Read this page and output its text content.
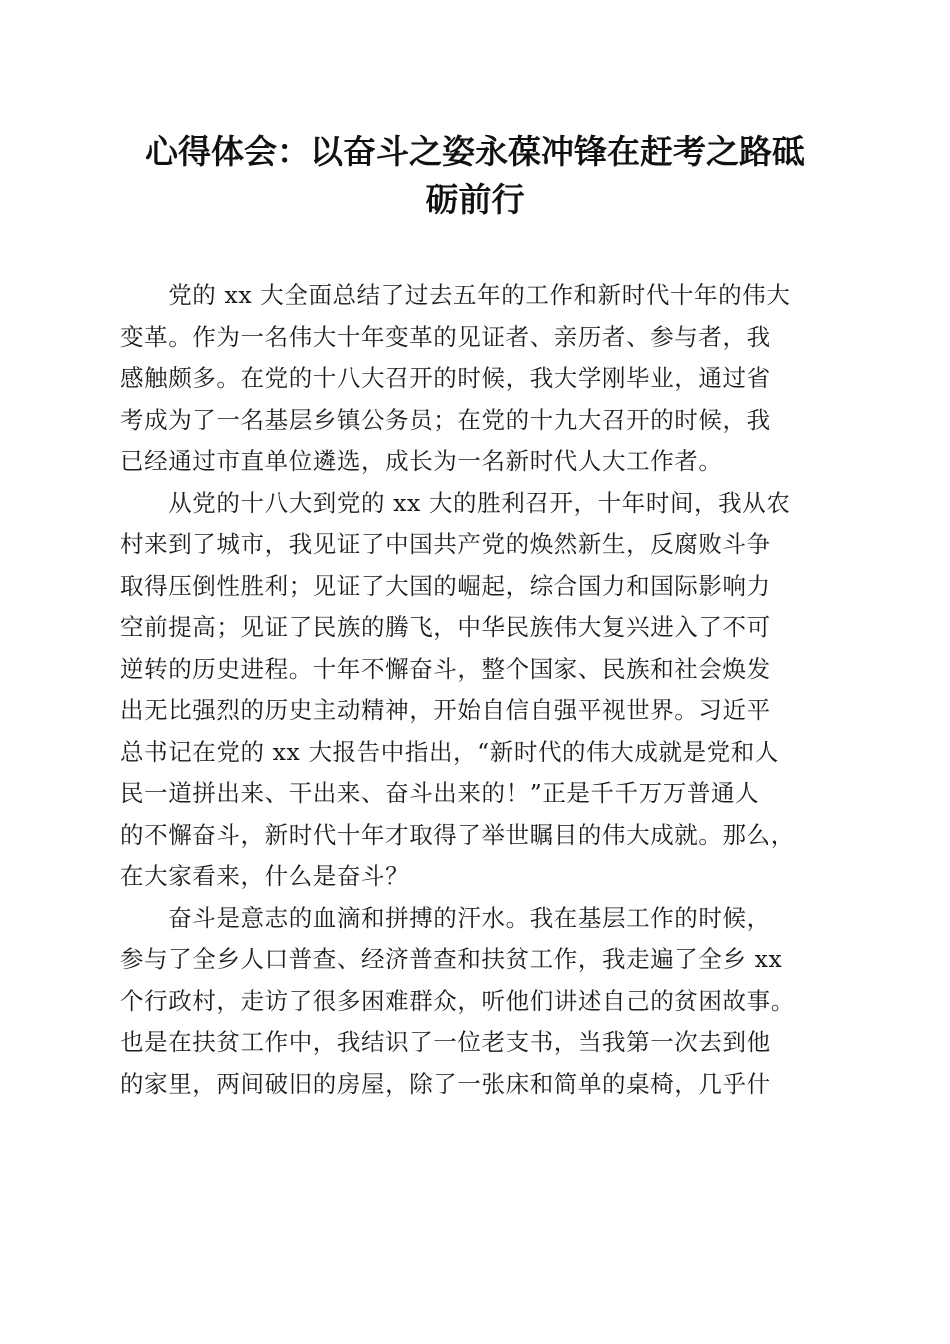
心得体会：以奋斗之姿永葆冲锋在赶考之路砥
砺前行

　　党的 xx 大全面总结了过去五年的工作和新时代十年的伟大
变革。作为一名伟大十年变革的见证者、亲历者、参与者，我
感触颇多。在党的十八大召开的时候，我大学刚毕业，通过省
考成为了一名基层乡镇公务员；在党的十九大召开的时候，我
已经通过市直单位遴选，成长为一名新时代人大工作者。

　　从党的十八大到党的 xx 大的胜利召开，十年时间，我从农
村来到了城市，我见证了中国共产党的焕然新生，反腐败斗争
取得压倒性胜利；见证了大国的崛起，综合国力和国际影响力
空前提高；见证了民族的腾飞，中华民族伟大复兴进入了不可
逆转的历史进程。十年不懈奋斗，整个国家、民族和社会焕发
出无比强烈的历史主动精神，开始自信自强平视世界。习近平
总书记在党的 xx 大报告中指出，“新时代的伟大成就是党和人
民一道拼出来、干出来、奋斗出来的！”正是千千万万普通人
的不懈奋斗，新时代十年才取得了举世瞩目的伟大成就。那么，
在大家看来，什么是奋斗？

　　奋斗是意志的血滴和拼搏的汗水。我在基层工作的时候，
参与了全乡人口普查、经济普查和扶贫工作，我走遍了全乡 xx
个行政村，走访了很多困难群众，听他们讲述自己的贫困故事。
也是在扶贫工作中，我结识了一位老支书，当我第一次去到他
的家里，两间破旧的房屋，除了一张床和简单的桌椅，几乎什
